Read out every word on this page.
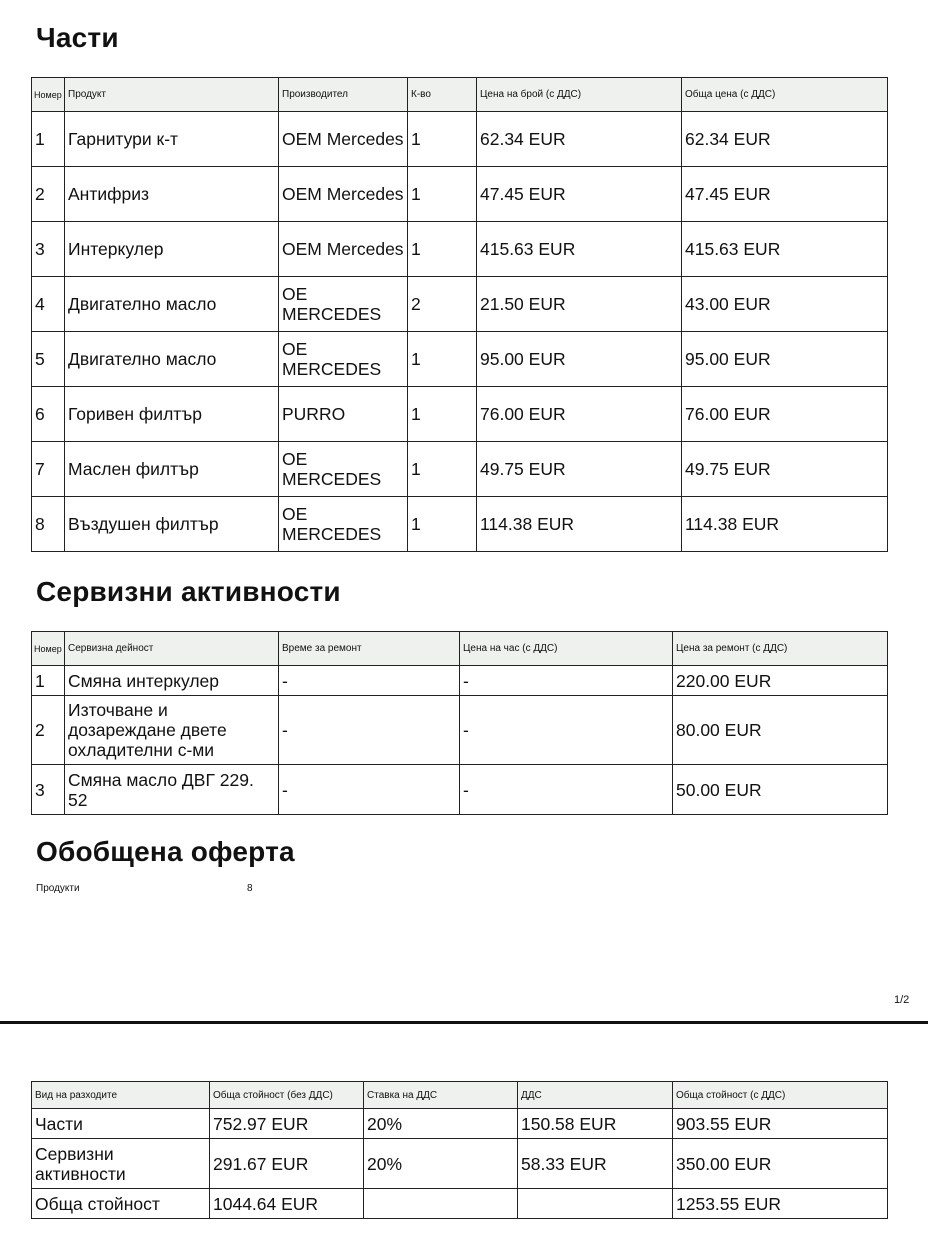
Части
Номер	Продукт	Производител	К-во	Цена на брой (с ДДС)	Обща цена (с ДДС)
1	Гарнитури к-т	OEM Mercedes	1	62.34 EUR	62.34 EUR
2	Антифриз	OEM Mercedes	1	47.45 EUR	47.45 EUR
3	Интеркулер	OEM Mercedes	1	415.63 EUR	415.63 EUR
4	Двигателно масло	OE MERCEDES	2	21.50 EUR	43.00 EUR
5	Двигателно масло	OE MERCEDES	1	95.00 EUR	95.00 EUR
6	Горивен филтър	PURRO	1	76.00 EUR	76.00 EUR
7	Маслен филтър	OE MERCEDES	1	49.75 EUR	49.75 EUR
8	Въздушен филтър	OE MERCEDES	1	114.38 EUR	114.38 EUR
Сервизни активности
Номер	Сервизна дейност	Време за ремонт	Цена на час (с ДДС)	Цена за ремонт (с ДДС)
1	Смяна интеркулер	-	-	220.00 EUR
2	Източване и дозареждане двете охладителни с-ми	-	-	80.00 EUR
3	Смяна масло ДВГ 229. 52	-	-	50.00 EUR
Обобщена оферта
Продукти	8
1/2
Вид на разходите	Обща стойност (без ДДС)	Ставка на ДДС	ДДС	Обща стойност (с ДДС)
Части	752.97 EUR	20%	150.58 EUR	903.55 EUR
Сервизни активности	291.67 EUR	20%	58.33 EUR	350.00 EUR
Обща стойност	1044.64 EUR			1253.55 EUR
